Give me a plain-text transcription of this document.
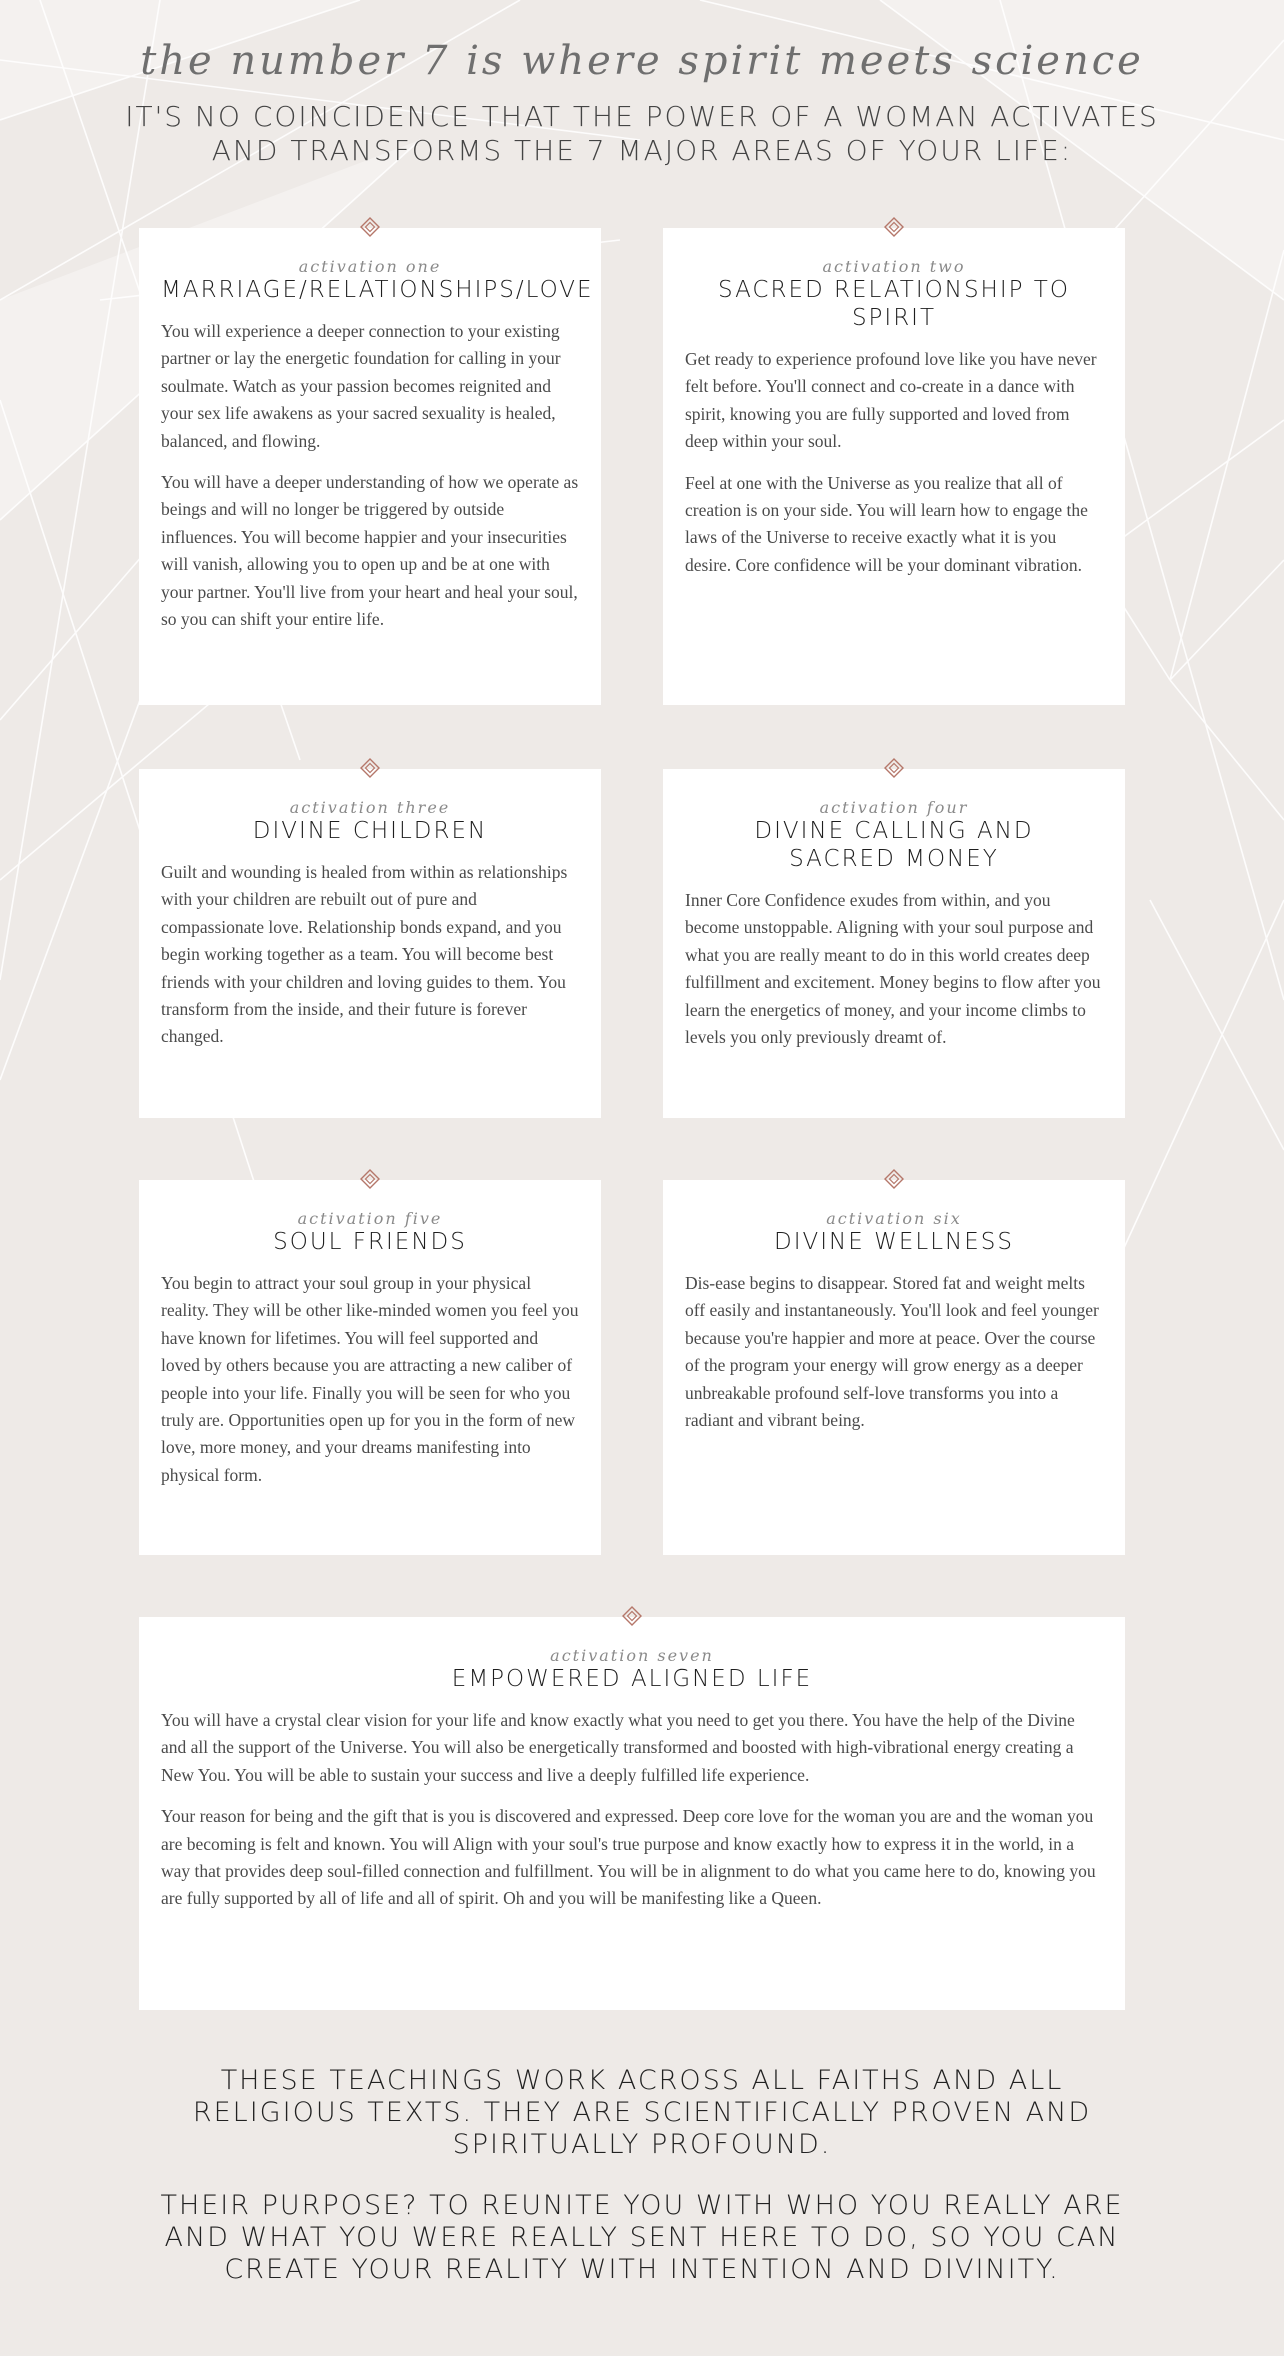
the number 7 is where spirit meets science
IT'S NO COINCIDENCE THAT THE POWER OF A WOMAN ACTIVATES AND TRANSFORMS THE 7 MAJOR AREAS OF YOUR LIFE:
activation one
MARRIAGE/RELATIONSHIPS/LOVE

You will experience a deeper connection to your existing partner or lay the energetic foundation for calling in your soulmate. Watch as your passion becomes reignited and your sex life awakens as your sacred sexuality is healed, balanced, and flowing.

You will have a deeper understanding of how we operate as beings and will no longer be triggered by outside influences. You will become happier and your insecurities will vanish, allowing you to open up and be at one with your partner. You'll live from your heart and heal your soul, so you can shift your entire life.

activation two
SACRED RELATIONSHIP TO SPIRIT

Get ready to experience profound love like you have never felt before. You'll connect and co-create in a dance with spirit, knowing you are fully supported and loved from deep within your soul.

Feel at one with the Universe as you realize that all of creation is on your side. You will learn how to engage the laws of the Universe to receive exactly what it is you desire. Core confidence will be your dominant vibration.

activation three
DIVINE CHILDREN

Guilt and wounding is healed from within as relationships with your children are rebuilt out of pure and compassionate love. Relationship bonds expand, and you begin working together as a team. You will become best friends with your children and loving guides to them. You transform from the inside, and their future is forever changed.

activation four
DIVINE CALLING AND SACRED MONEY

Inner Core Confidence exudes from within, and you become unstoppable. Aligning with your soul purpose and what you are really meant to do in this world creates deep fulfillment and excitement. Money begins to flow after you learn the energetics of money, and your income climbs to levels you only previously dreamt of.

activation five
SOUL FRIENDS

You begin to attract your soul group in your physical reality. They will be other like-minded women you feel you have known for lifetimes. You will feel supported and loved by others because you are attracting a new caliber of people into your life. Finally you will be seen for who you truly are. Opportunities open up for you in the form of new love, more money, and your dreams manifesting into physical form.

activation six
DIVINE WELLNESS

Dis-ease begins to disappear. Stored fat and weight melts off easily and instantaneously. You'll look and feel younger because you're happier and more at peace. Over the course of the program your energy will grow energy as a deeper unbreakable profound self-love transforms you into a radiant and vibrant being.

activation seven
EMPOWERED ALIGNED LIFE

You will have a crystal clear vision for your life and know exactly what you need to get you there. You have the help of the Divine and all the support of the Universe. You will also be energetically transformed and boosted with high-vibrational energy creating a New You. You will be able to sustain your success and live a deeply fulfilled life experience.

Your reason for being and the gift that is you is discovered and expressed. Deep core love for the woman you are and the woman you are becoming is felt and known. You will Align with your soul's true purpose and know exactly how to express it in the world, in a way that provides deep soul-filled connection and fulfillment. You will be in alignment to do what you came here to do, knowing you are fully supported by all of life and all of spirit. Oh and you will be manifesting like a Queen.

THESE TEACHINGS WORK ACROSS ALL FAITHS AND ALL RELIGIOUS TEXTS. THEY ARE SCIENTIFICALLY PROVEN AND SPIRITUALLY PROFOUND.
THEIR PURPOSE? TO REUNITE YOU WITH WHO YOU REALLY ARE AND WHAT YOU WERE REALLY SENT HERE TO DO, SO YOU CAN CREATE YOUR REALITY WITH INTENTION AND DIVINITY.
